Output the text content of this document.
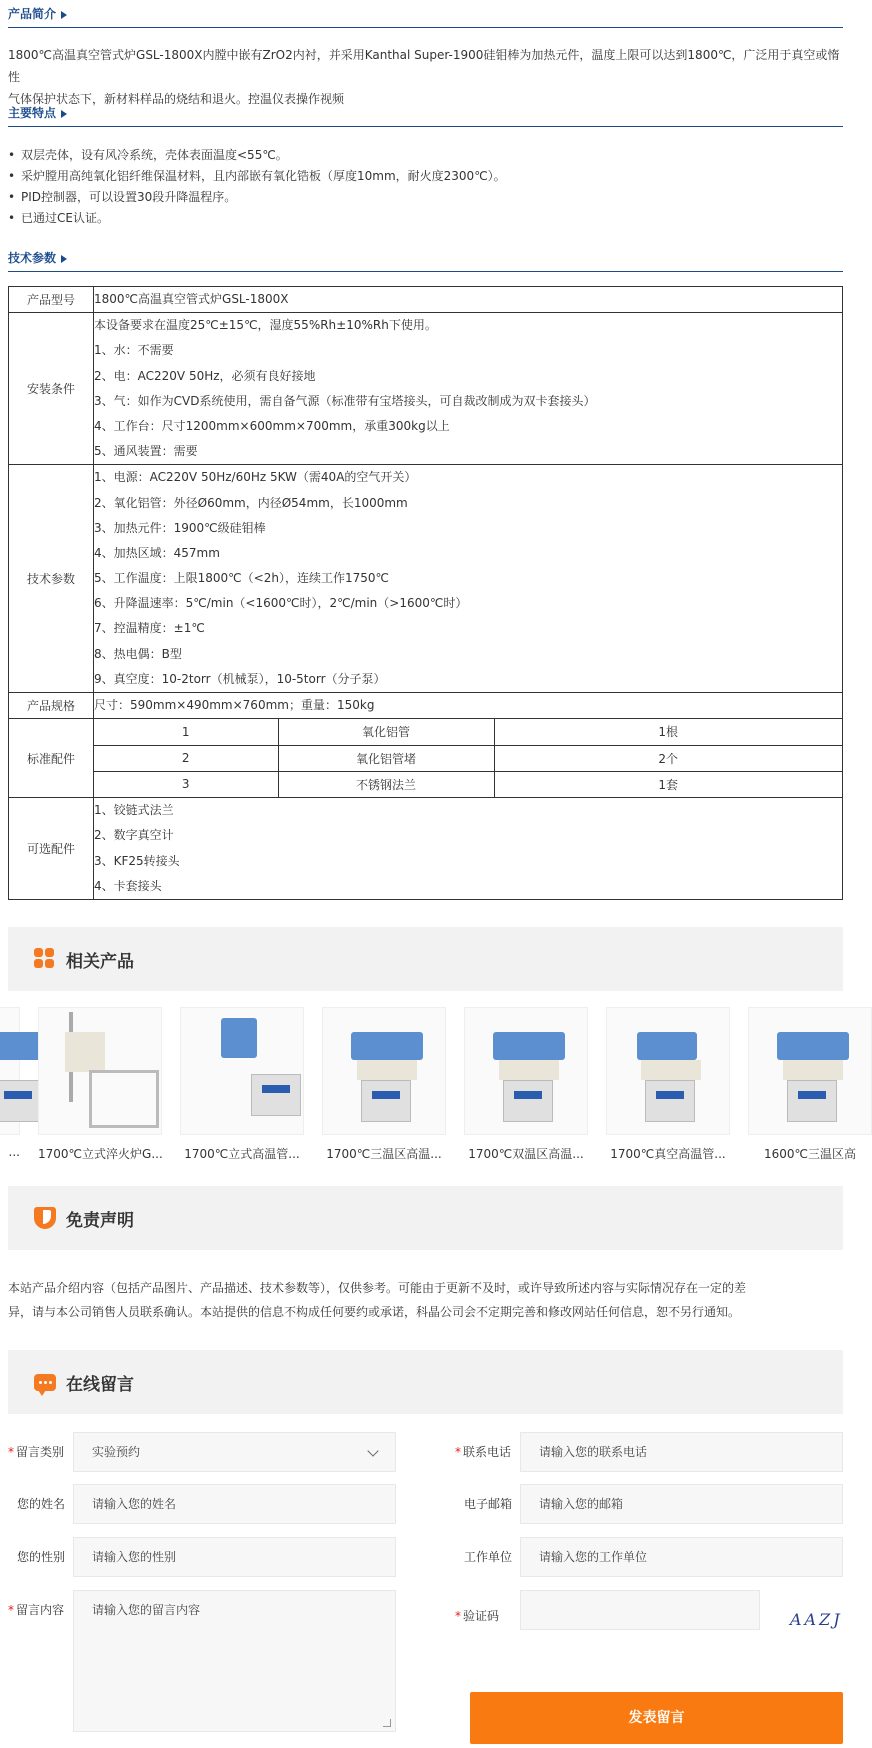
产品简介
1800℃高温真空管式炉GSL-1800X内膛中嵌有ZrO2内衬，并采用Kanthal Super-1900硅钼棒为加热元件，温度上限可以达到1800℃，广泛用于真空或惰性
气体保护状态下，新材料样品的烧结和退火。控温仪表操作视频
主要特点
• 双层壳体，设有风冷系统，壳体表面温度<55℃。
• 采炉膛用高纯氧化铝纤维保温材料，且内部嵌有氧化锆板（厚度10mm，耐火度2300℃）。
• PID控制器，可以设置30段升降温程序。
• 已通过CE认证。
技术参数
产品型号	1800℃高温真空管式炉GSL-1800X

安装条件	
本设备要求在温度25℃±15℃，湿度55%Rh±10%Rh下使用。
1、水：不需要
2、电：AC220V 50Hz，必须有良好接地
3、气：如作为CVD系统使用，需自备气源（标准带有宝塔接头，可自裁改制成为双卡套接头）
4、工作台：尺寸1200mm×600mm×700mm，承重300kg以上
5、通风装置：需要

技术参数	
1、电源：AC220V 50Hz/60Hz 5KW（需40A的空气开关）
2、氧化铝管：外径Ø60mm，内径Ø54mm，长1000mm
3、加热元件：1900℃级硅钼棒
4、加热区域：457mm
5、工作温度：上限1800℃（<2h），连续工作1750℃
6、升降温速率：5℃/min（<1600℃时），2℃/min（>1600℃时）
7、控温精度：±1℃
8、热电偶：B型
9、真空度：10-2torr（机械泵），10-5torr（分子泵）

产品规格	尺寸：590mm×490mm×760mm；重量：150kg

标准配件	
1	氧化铝管	1根
2	氧化铝管堵	2个
3	不锈钢法兰	1套

可选配件	
1、铰链式法兰
2、数字真空计
3、KF25转接头
4、卡套接头
相关产品
... 1700℃立式淬火炉G...	1700℃立式高温管...	1700℃三温区高温...	1700℃双温区高温...	1700℃真空高温管...	1600℃三温区高
免责声明
本站产品介绍内容（包括产品图片、产品描述、技术参数等），仅供参考。可能由于更新不及时，或许导致所述内容与实际情况存在一定的差
异，请与本公司销售人员联系确认。本站提供的信息不构成任何要约或承诺，科晶公司会不定期完善和修改网站任何信息，恕不另行通知。
在线留言
* 留言类别	实验预约
您的姓名	请输入您的姓名
您的性别	请输入您的性别
* 留言内容	请输入您的留言内容
* 联系电话	请输入您的联系电话
电子邮箱	请输入您的邮箱
工作单位	请输入您的工作单位
* 验证码	AAZJ
发表留言
